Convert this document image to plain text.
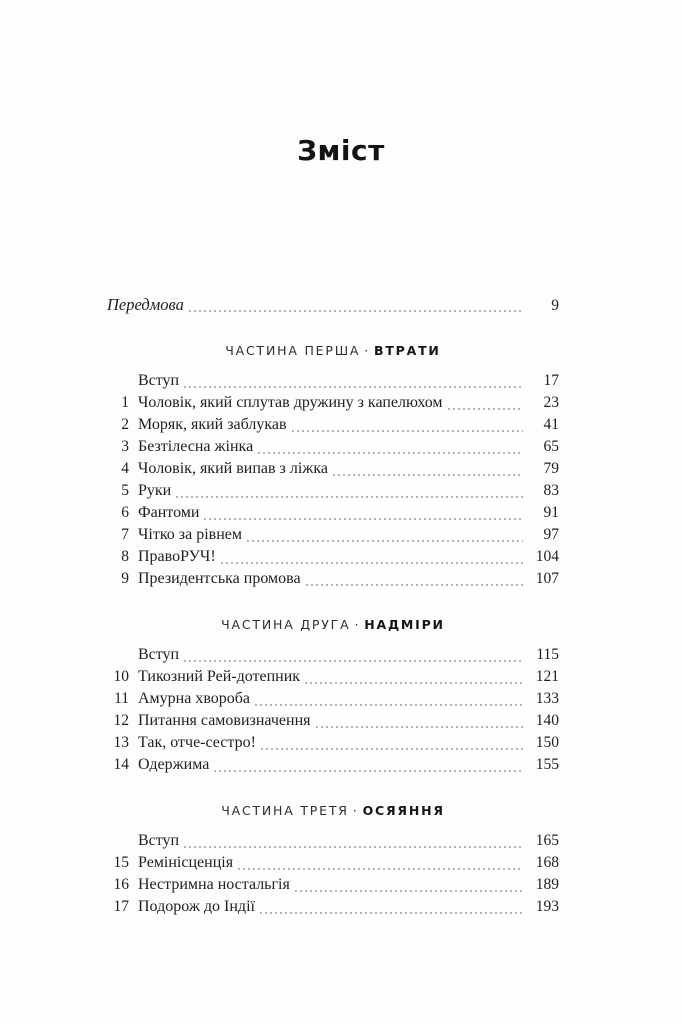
Зміст
Передмова	9
ЧАСТИНА ПЕРША · ВТРАТИ
Вступ	17
1 Чоловік, який сплутав дружину з капелюхом	23
2 Моряк, який заблукав	41
3 Безтілесна жінка	65
4 Чоловік, який випав з ліжка	79
5 Руки	83
6 Фантоми	91
7 Чітко за рівнем	97
8 ПравоРУЧ!	104
9 Президентська промова	107
ЧАСТИНА ДРУГА · НАДМІРИ
Вступ	115
10 Тикозний Рей-дотепник	121
11 Амурна хвороба	133
12 Питання самовизначення	140
13 Так, отче-сестро!	150
14 Одержима	155
ЧАСТИНА ТРЕТЯ · ОСЯЯННЯ
Вступ	165
15 Ремінісценція	168
16 Нестримна ностальгія	189
17 Подорож до Індії	193
